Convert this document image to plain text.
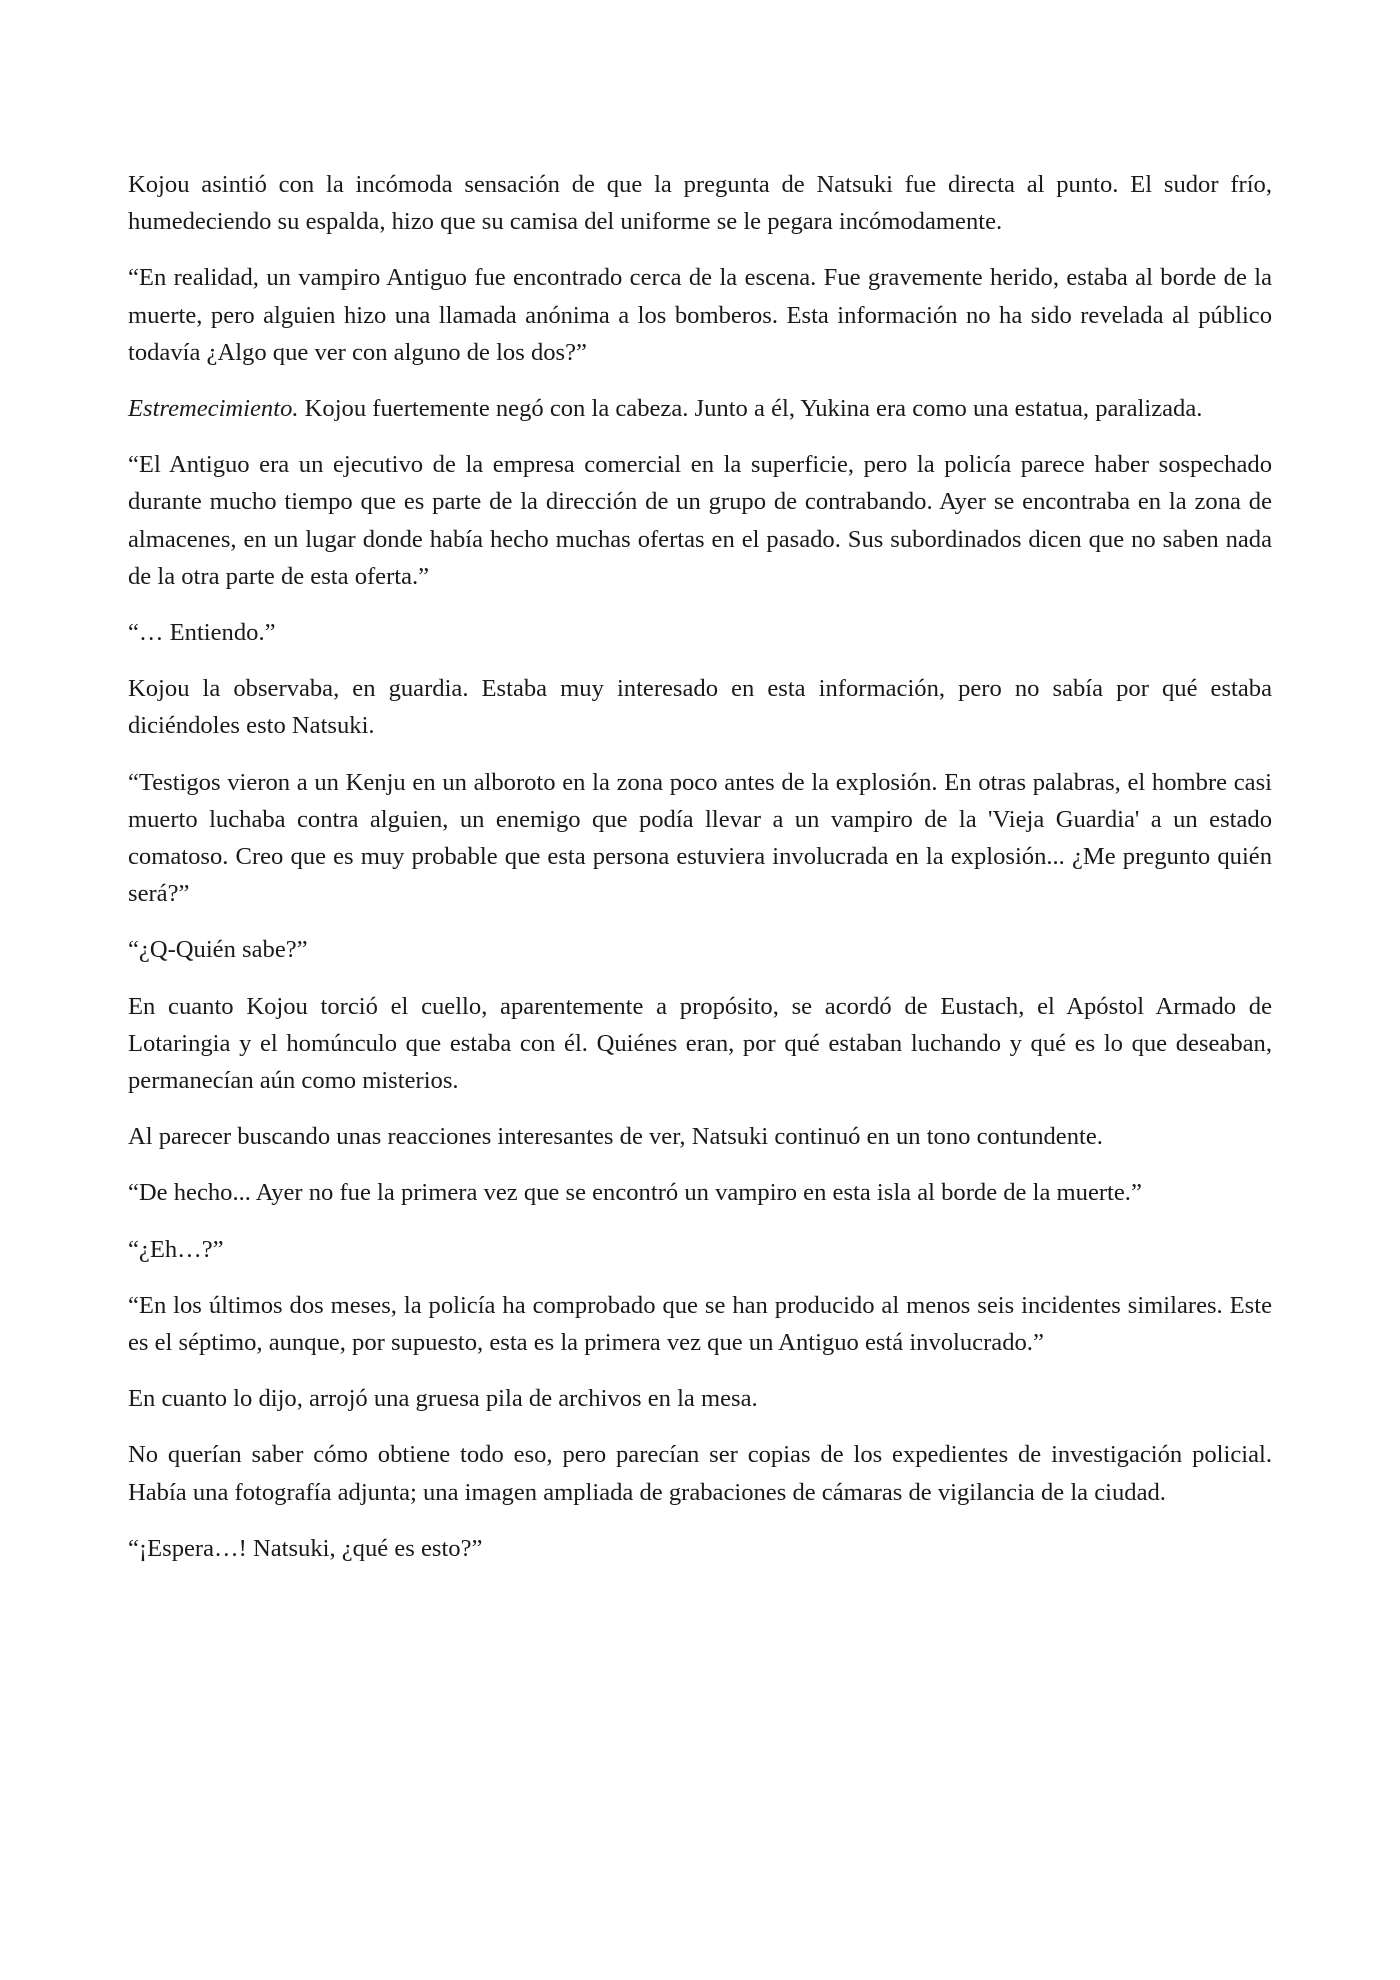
Kojou asintió con la incómoda sensación de que la pregunta de Natsuki fue directa al punto. El sudor frío, humedeciendo su espalda, hizo que su camisa del uniforme se le pegara incómodamente.

“En realidad, un vampiro Antiguo fue encontrado cerca de la escena. Fue gravemente herido, estaba al borde de la muerte, pero alguien hizo una llamada anónima a los bomberos. Esta información no ha sido revelada al público todavía ¿Algo que ver con alguno de los dos?”

Estremecimiento. Kojou fuertemente negó con la cabeza. Junto a él, Yukina era como una estatua, paralizada.

“El Antiguo era un ejecutivo de la empresa comercial en la superficie, pero la policía parece haber sospechado durante mucho tiempo que es parte de la dirección de un grupo de contrabando. Ayer se encontraba en la zona de almacenes, en un lugar donde había hecho muchas ofertas en el pasado. Sus subordinados dicen que no saben nada de la otra parte de esta oferta.”

“… Entiendo.”

Kojou la observaba, en guardia. Estaba muy interesado en esta información, pero no sabía por qué estaba diciéndoles esto Natsuki.

“Testigos vieron a un Kenju en un alboroto en la zona poco antes de la explosión. En otras palabras, el hombre casi muerto luchaba contra alguien, un enemigo que podía llevar a un vampiro de la 'Vieja Guardia' a un estado comatoso. Creo que es muy probable que esta persona estuviera involucrada en la explosión... ¿Me pregunto quién será?”

“¿Q-Quién sabe?”

En cuanto Kojou torció el cuello, aparentemente a propósito, se acordó de Eustach, el Apóstol Armado de Lotaringia y el homúnculo que estaba con él. Quiénes eran, por qué estaban luchando y qué es lo que deseaban, permanecían aún como misterios.

Al parecer buscando unas reacciones interesantes de ver, Natsuki continuó en un tono contundente.

“De hecho... Ayer no fue la primera vez que se encontró un vampiro en esta isla al borde de la muerte.”

“¿Eh…?”

“En los últimos dos meses, la policía ha comprobado que se han producido al menos seis incidentes similares. Este es el séptimo, aunque, por supuesto, esta es la primera vez que un Antiguo está involucrado.”

En cuanto lo dijo, arrojó una gruesa pila de archivos en la mesa.

No querían saber cómo obtiene todo eso, pero parecían ser copias de los expedientes de investigación policial. Había una fotografía adjunta; una imagen ampliada de grabaciones de cámaras de vigilancia de la ciudad.

“¡Espera…! Natsuki, ¿qué es esto?”
